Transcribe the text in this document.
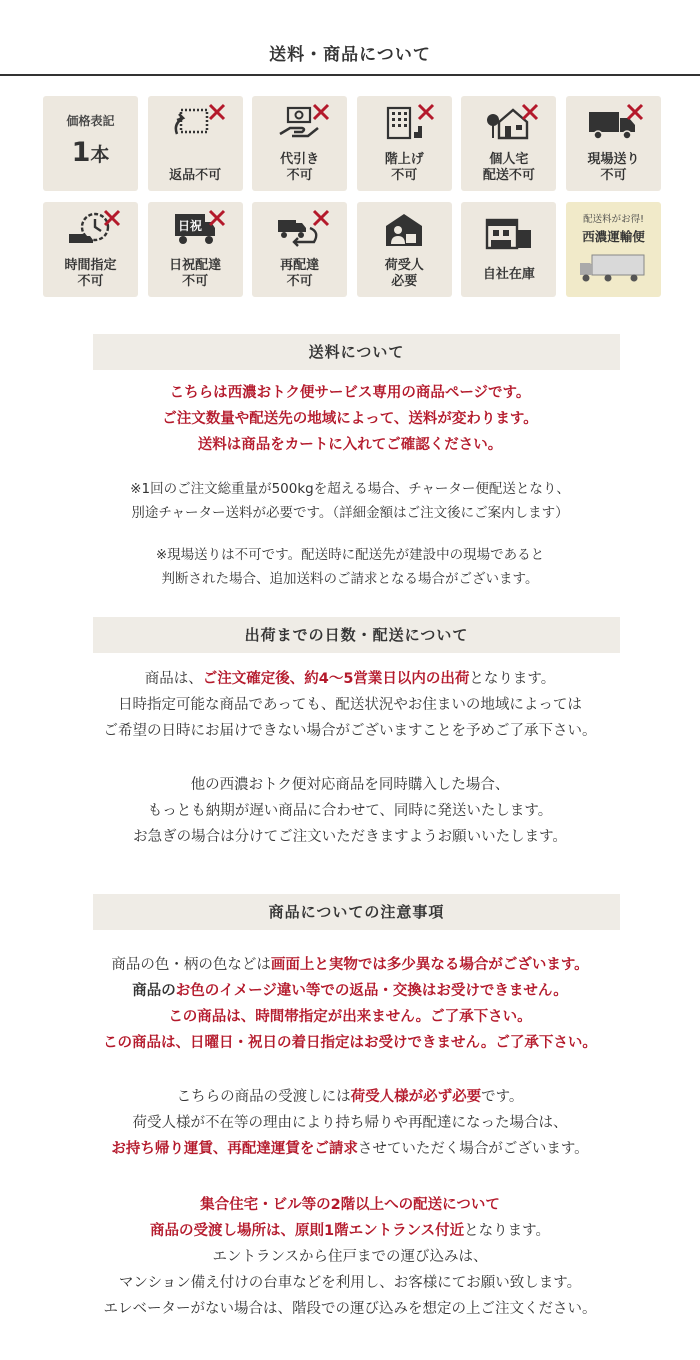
送料・商品について
価格表記
1本
返品不可
代引き
不可
階上げ
不可
個人宅
配送不可
現場送り
不可
時間指定
不可
日祝
日祝配達
不可
再配達
不可
荷受人
必要	自社在庫
配送料がお得!
西濃運輸便
送料について
こちらは西濃おトク便サービス専用の商品ページです。
ご注文数量や配送先の地域によって、送料が変わります。
送料は商品をカートに入れてご確認ください。
※1回のご注文総重量が500kgを超える場合、チャーター便配送となり、
別途チャーター送料が必要です。（詳細金額はご注文後にご案内します）
※現場送りは不可です。配送時に配送先が建設中の現場であると
判断された場合、追加送料のご請求となる場合がございます。
出荷までの日数・配送について
商品は、ご注文確定後、約4～5営業日以内の出荷となります。
日時指定可能な商品であっても、配送状況やお住まいの地域によっては
ご希望の日時にお届けできない場合がございますことを予めご了承下さい。
他の西濃おトク便対応商品を同時購入した場合、
もっとも納期が遅い商品に合わせて、同時に発送いたします。
お急ぎの場合は分けてご注文いただきますようお願いいたします。
商品についての注意事項
商品の色・柄の色などは画面上と実物では多少異なる場合がございます。
商品のお色のイメージ違い等での返品・交換はお受けできません。
この商品は、時間帯指定が出来ません。ご了承下さい。
この商品は、日曜日・祝日の着日指定はお受けできません。ご了承下さい。
こちらの商品の受渡しには荷受人様が必ず必要です。
荷受人様が不在等の理由により持ち帰りや再配達になった場合は、
お持ち帰り運賃、再配達運賃をご請求させていただく場合がございます。
集合住宅・ビル等の2階以上への配送について
商品の受渡し場所は、原則1階エントランス付近となります。
エントランスから住戸までの運び込みは、
マンション備え付けの台車などを利用し、お客様にてお願い致します。
エレベーターがない場合は、階段での運び込みを想定の上ご注文ください。
